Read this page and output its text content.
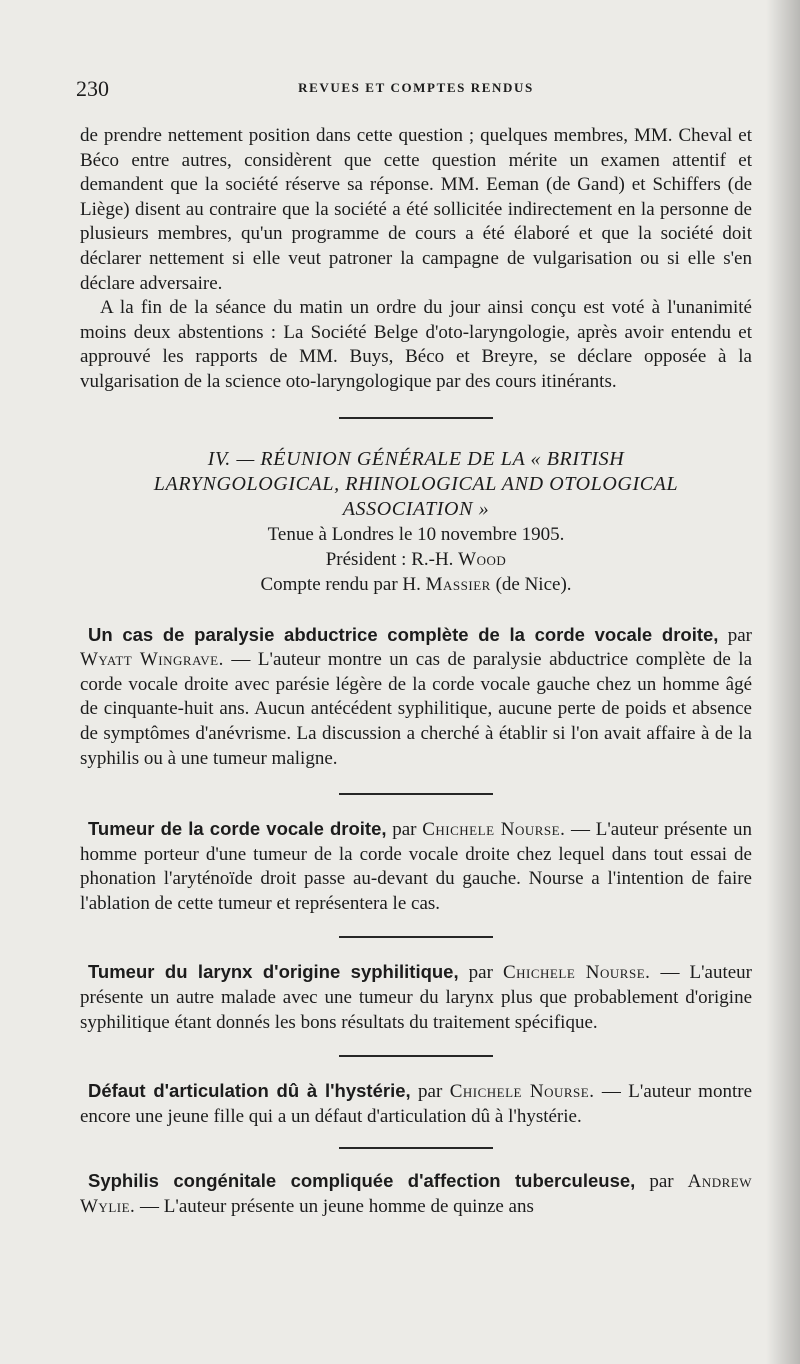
230	REVUES ET COMPTES RENDUS

de prendre nettement position dans cette question ; quelques membres, MM. Cheval et Béco entre autres, considèrent que cette question mérite un examen attentif et demandent que la société réserve sa réponse. MM. Eeman (de Gand) et Schiffers (de Liège) disent au contraire que la société a été sollicitée indirectement en la personne de plusieurs membres, qu'un programme de cours a été élaboré et que la société doit déclarer nettement si elle veut patroner la campagne de vulgarisation ou si elle s'en déclare adversaire.

A la fin de la séance du matin un ordre du jour ainsi conçu est voté à l'unanimité moins deux abstentions : La Société Belge d'oto-laryngologie, après avoir entendu et approuvé les rapports de MM. Buys, Béco et Breyre, se déclare opposée à la vulgarisation de la science oto-laryngologique par des cours itinérants.

IV. — RÉUNION GÉNÉRALE DE LA « BRITISH
LARYNGOLOGICAL, RHINOLOGICAL AND OTOLOGICAL
ASSOCIATION »
Tenue à Londres le 10 novembre 1905.
Président : R.-H. Wood
Compte rendu par H. Massier (de Nice).

Un cas de paralysie abductrice complète de la corde vocale droite, par Wyatt Wingrave. — L'auteur montre un cas de paralysie abductrice complète de la corde vocale droite avec parésie légère de la corde vocale gauche chez un homme âgé de cinquante-huit ans. Aucun antécédent syphilitique, aucune perte de poids et absence de symptômes d'anévrisme. La discussion a cherché à établir si l'on avait affaire à de la syphilis ou à une tumeur maligne.

Tumeur de la corde vocale droite, par Chichele Nourse. — L'auteur présente un homme porteur d'une tumeur de la corde vocale droite chez lequel dans tout essai de phonation l'aryténoïde droit passe au-devant du gauche. Nourse a l'intention de faire l'ablation de cette tumeur et représentera le cas.

Tumeur du larynx d'origine syphilitique, par Chichele Nourse. — L'auteur présente un autre malade avec une tumeur du larynx plus que probablement d'origine syphilitique étant donnés les bons résultats du traitement spécifique.

Défaut d'articulation dû à l'hystérie, par Chichele Nourse. — L'auteur montre encore une jeune fille qui a un défaut d'articulation dû à l'hystérie.

Syphilis congénitale compliquée d'affection tuberculeuse, par Andrew Wylie. — L'auteur présente un jeune homme de quinze ans
